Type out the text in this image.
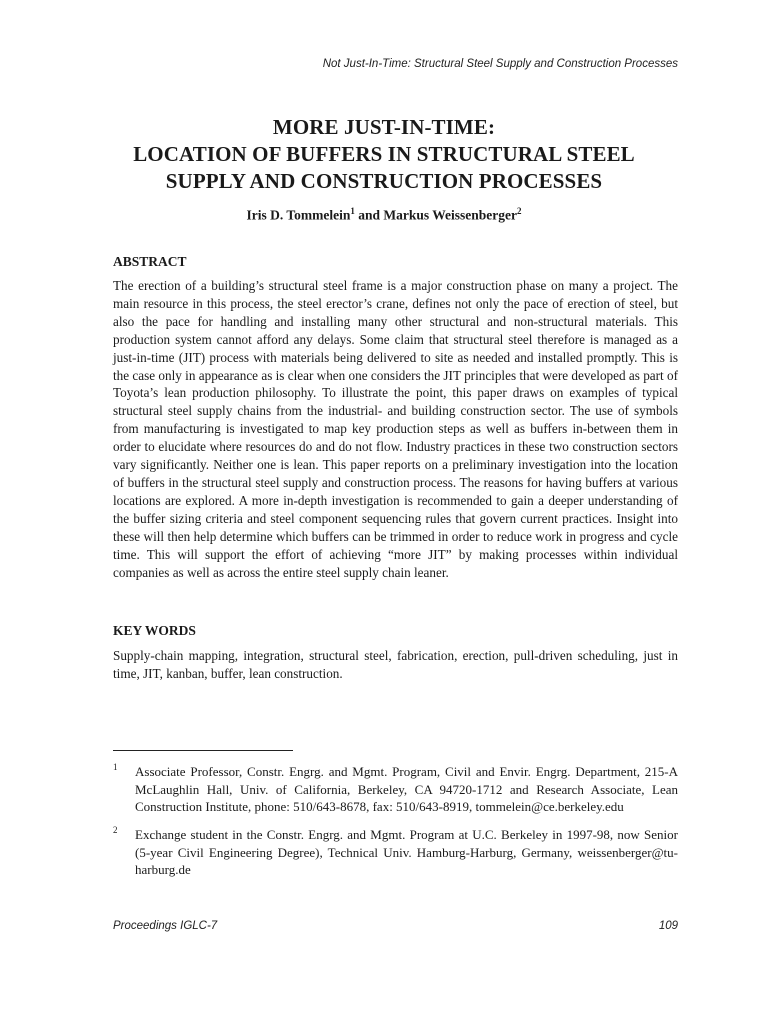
Not Just-In-Time: Structural Steel Supply and Construction Processes
MORE JUST-IN-TIME:
LOCATION OF BUFFERS IN STRUCTURAL STEEL
SUPPLY AND CONSTRUCTION PROCESSES
Iris D. Tommelein$^1$ and Markus Weissenberger$^2$
ABSTRACT

The erection of a building’s structural steel frame is a major construction phase on many a project. The main resource in this process, the steel erector’s crane, defines not only the pace of erection of steel, but also the pace for handling and installing many other structural and non-structural materials. This production system cannot afford any delays. Some claim that structural steel therefore is managed as a just-in-time (JIT) process with materials being delivered to site as needed and installed promptly. This is the case only in appearance as is clear when one considers the JIT principles that were developed as part of Toyota’s lean production philosophy. To illustrate the point, this paper draws on examples of typical structural steel supply chains from the industrial- and building construction sector. The use of symbols from manufacturing is investigated to map key production steps as well as buffers in-between them in order to elucidate where resources do and do not flow. Industry practices in these two construction sectors vary significantly. Neither one is lean. This paper reports on a preliminary investigation into the location of buffers in the structural steel supply and construction process. The reasons for having buffers at various locations are explored. A more in-depth investigation is recommended to gain a deeper understanding of the buffer sizing criteria and steel component sequencing rules that govern current practices. Insight into these will then help determine which buffers can be trimmed in order to reduce work in progress and cycle time. This will support the effort of achieving “more JIT” by making processes within individual companies as well as across the entire steel supply chain leaner.

KEY WORDS

Supply-chain mapping, integration, structural steel, fabrication, erection, pull-driven scheduling, just in time, JIT, kanban, buffer, lean construction.

1 Associate Professor, Constr. Engrg. and Mgmt. Program, Civil and Envir. Engrg. Department, 215-A McLaughlin Hall, Univ. of California, Berkeley, CA 94720-1712 and Research Associate, Lean Construction Institute, phone: 510/643-8678, fax: 510/643-8919, tommelein@ce.berkeley.edu
2 Exchange student in the Constr. Engrg. and Mgmt. Program at U.C. Berkeley in 1997-98, now Senior (5-year Civil Engineering Degree), Technical Univ. Hamburg-Harburg, Germany, weissenberger@tu-harburg.de
Proceedings IGLC-7	109
